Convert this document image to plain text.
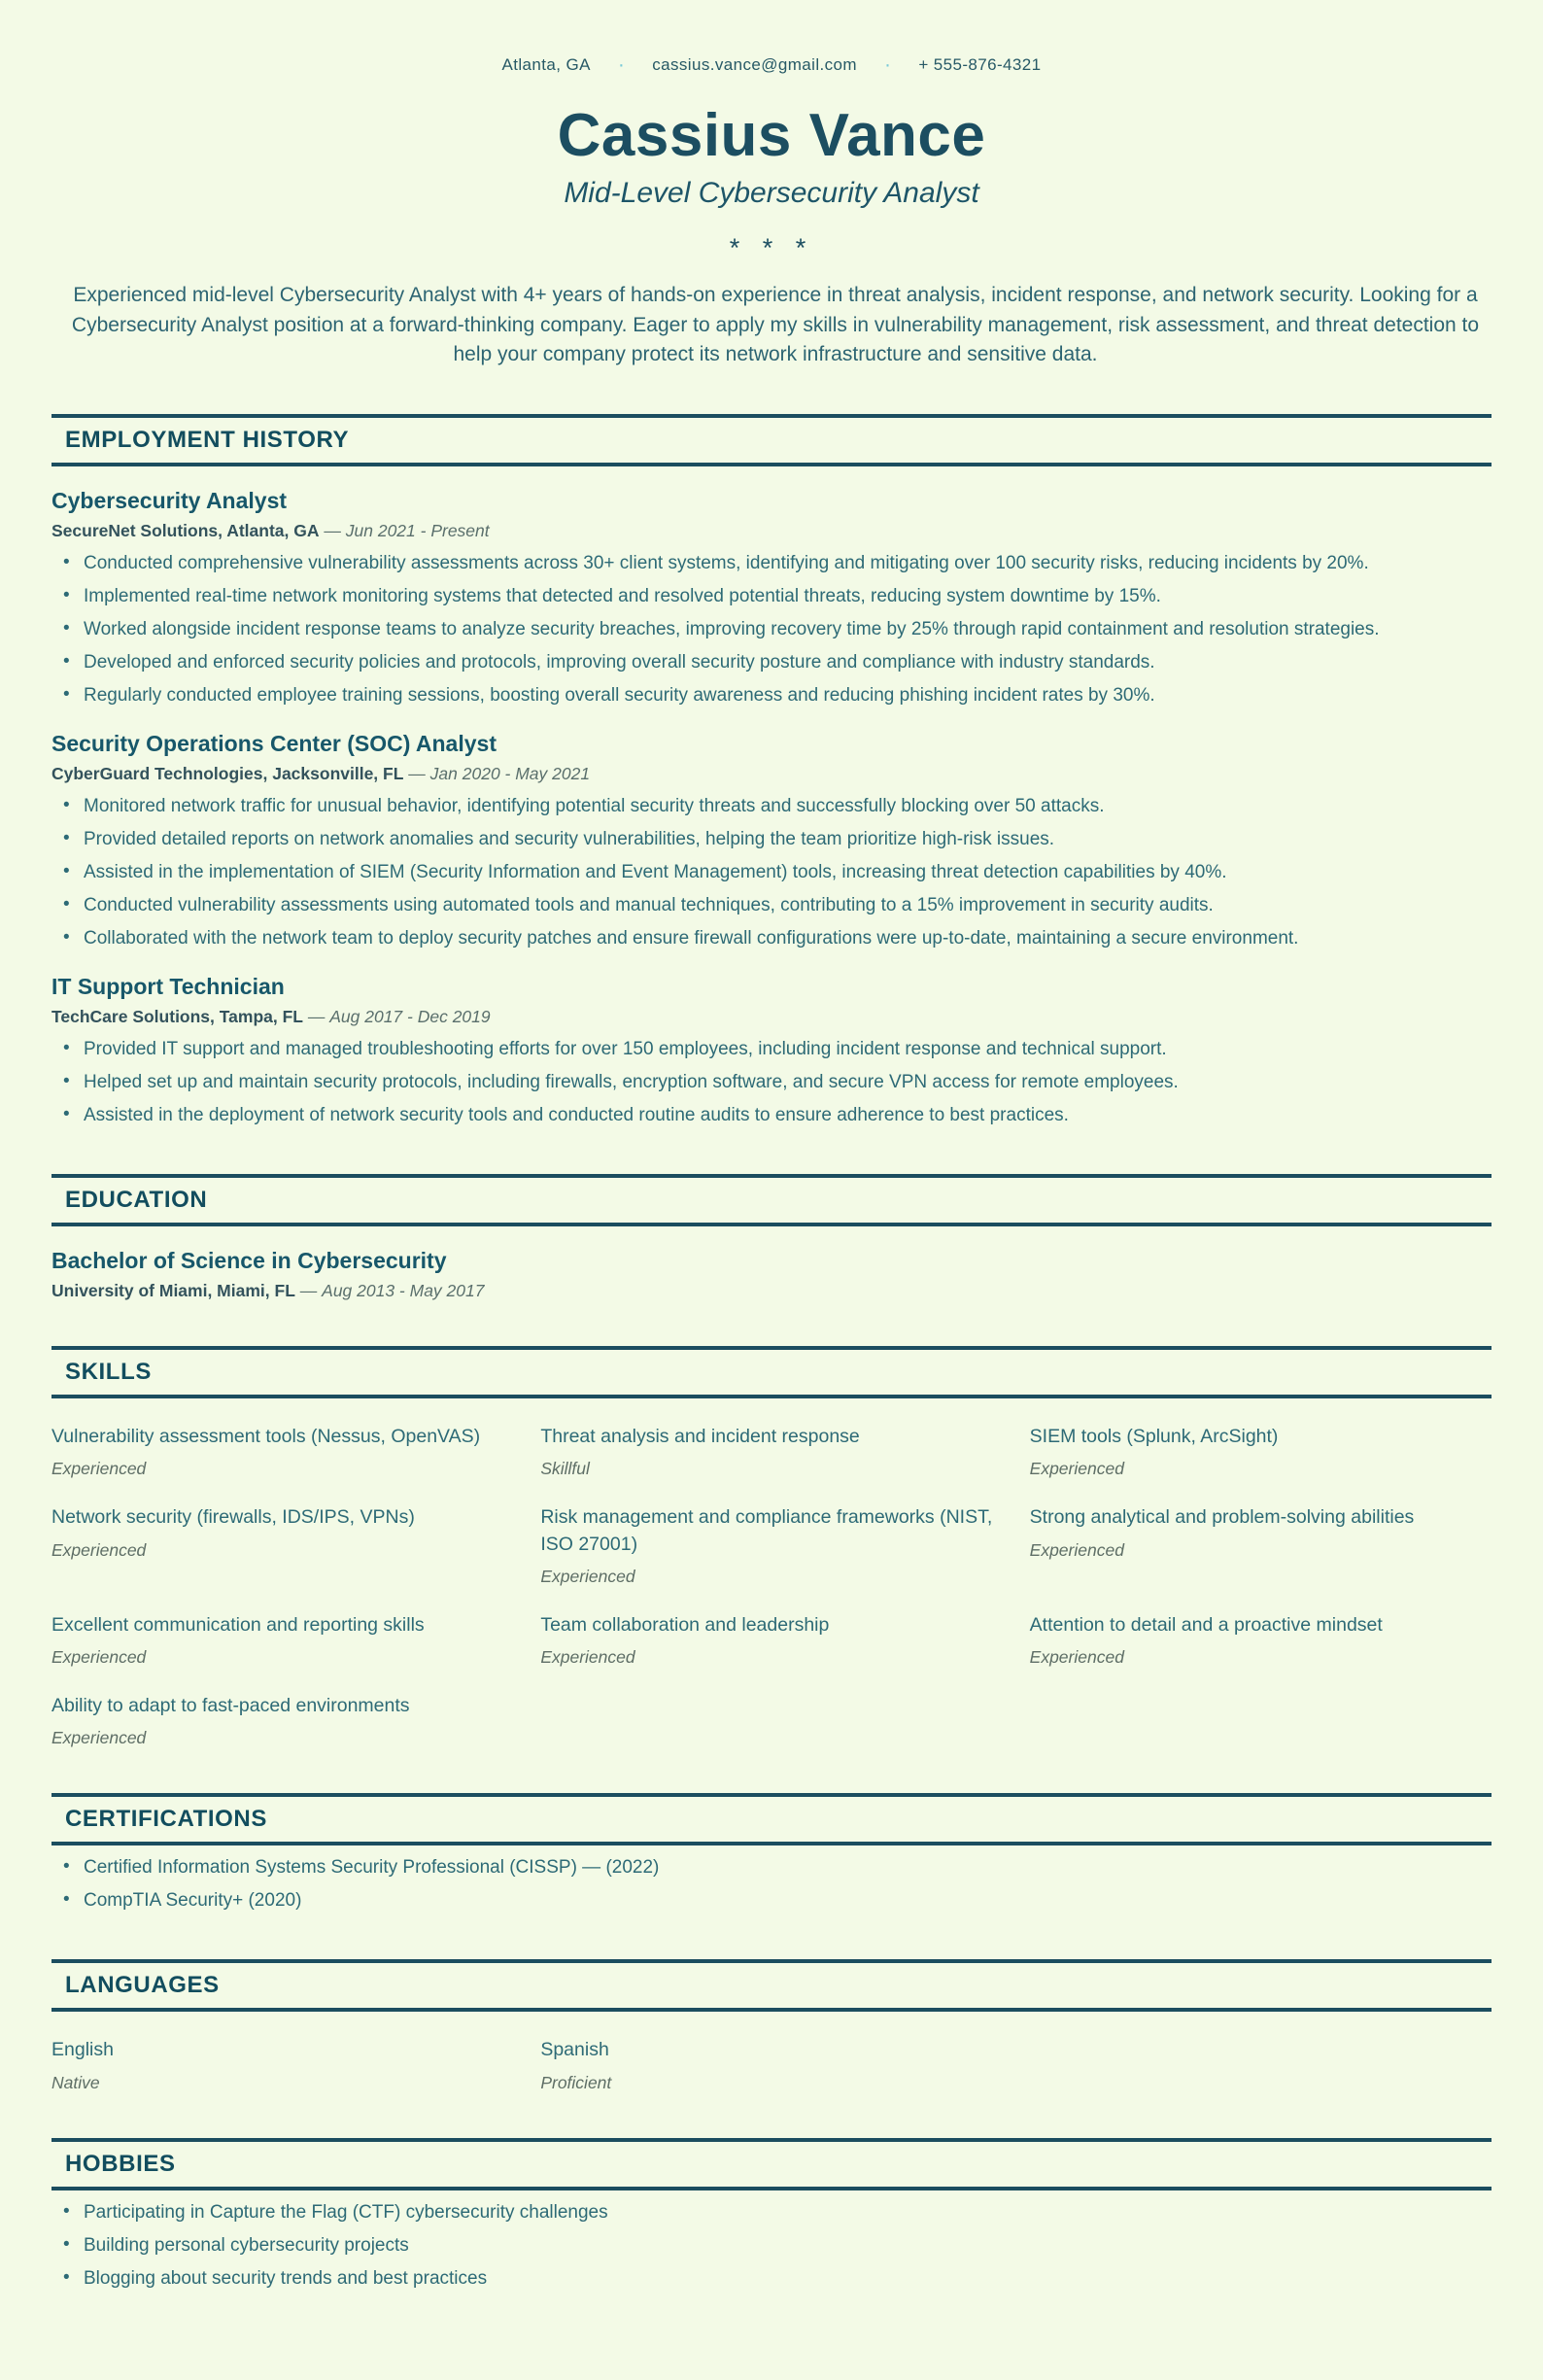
Atlanta, GA · cassius.vance@gmail.com · + 555-876-4321
Cassius Vance
Mid-Level Cybersecurity Analyst
* * *

Experienced mid-level Cybersecurity Analyst with 4+ years of hands-on experience in threat analysis, incident response, and network security. Looking for a Cybersecurity Analyst position at a forward-thinking company. Eager to apply my skills in vulnerability management, risk assessment, and threat detection to help your company protect its network infrastructure and sensitive data.

EMPLOYMENT HISTORY
Cybersecurity Analyst

SecureNet Solutions, Atlanta, GA — Jun 2021 - Present

• Conducted comprehensive vulnerability assessments across 30+ client systems, identifying and mitigating over 100 security risks, reducing incidents by 20%.
• Implemented real-time network monitoring systems that detected and resolved potential threats, reducing system downtime by 15%.
• Worked alongside incident response teams to analyze security breaches, improving recovery time by 25% through rapid containment and resolution strategies.
• Developed and enforced security policies and protocols, improving overall security posture and compliance with industry standards.
• Regularly conducted employee training sessions, boosting overall security awareness and reducing phishing incident rates by 30%.
Security Operations Center (SOC) Analyst

CyberGuard Technologies, Jacksonville, FL — Jan 2020 - May 2021

• Monitored network traffic for unusual behavior, identifying potential security threats and successfully blocking over 50 attacks.
• Provided detailed reports on network anomalies and security vulnerabilities, helping the team prioritize high-risk issues.
• Assisted in the implementation of SIEM (Security Information and Event Management) tools, increasing threat detection capabilities by 40%.
• Conducted vulnerability assessments using automated tools and manual techniques, contributing to a 15% improvement in security audits.
• Collaborated with the network team to deploy security patches and ensure firewall configurations were up-to-date, maintaining a secure environment.
IT Support Technician

TechCare Solutions, Tampa, FL — Aug 2017 - Dec 2019

• Provided IT support and managed troubleshooting efforts for over 150 employees, including incident response and technical support.
• Helped set up and maintain security protocols, including firewalls, encryption software, and secure VPN access for remote employees.
• Assisted in the deployment of network security tools and conducted routine audits to ensure adherence to best practices.
EDUCATION
Bachelor of Science in Cybersecurity

University of Miami, Miami, FL — Aug 2013 - May 2017

SKILLS
Vulnerability assessment tools (Nessus, OpenVAS)
Experienced
Threat analysis and incident response
Skillful
SIEM tools (Splunk, ArcSight)
Experienced
Network security (firewalls, IDS/IPS, VPNs)
Experienced
Risk management and compliance frameworks (NIST, ISO 27001)
Experienced
Strong analytical and problem-solving abilities
Experienced
Excellent communication and reporting skills
Experienced
Team collaboration and leadership
Experienced
Attention to detail and a proactive mindset
Experienced
Ability to adapt to fast-paced environments
Experienced
CERTIFICATIONS
• Certified Information Systems Security Professional (CISSP) — (2022)
• CompTIA Security+ (2020)
LANGUAGES
English
Native
Spanish
Proficient
HOBBIES
• Participating in Capture the Flag (CTF) cybersecurity challenges
• Building personal cybersecurity projects
• Blogging about security trends and best practices
